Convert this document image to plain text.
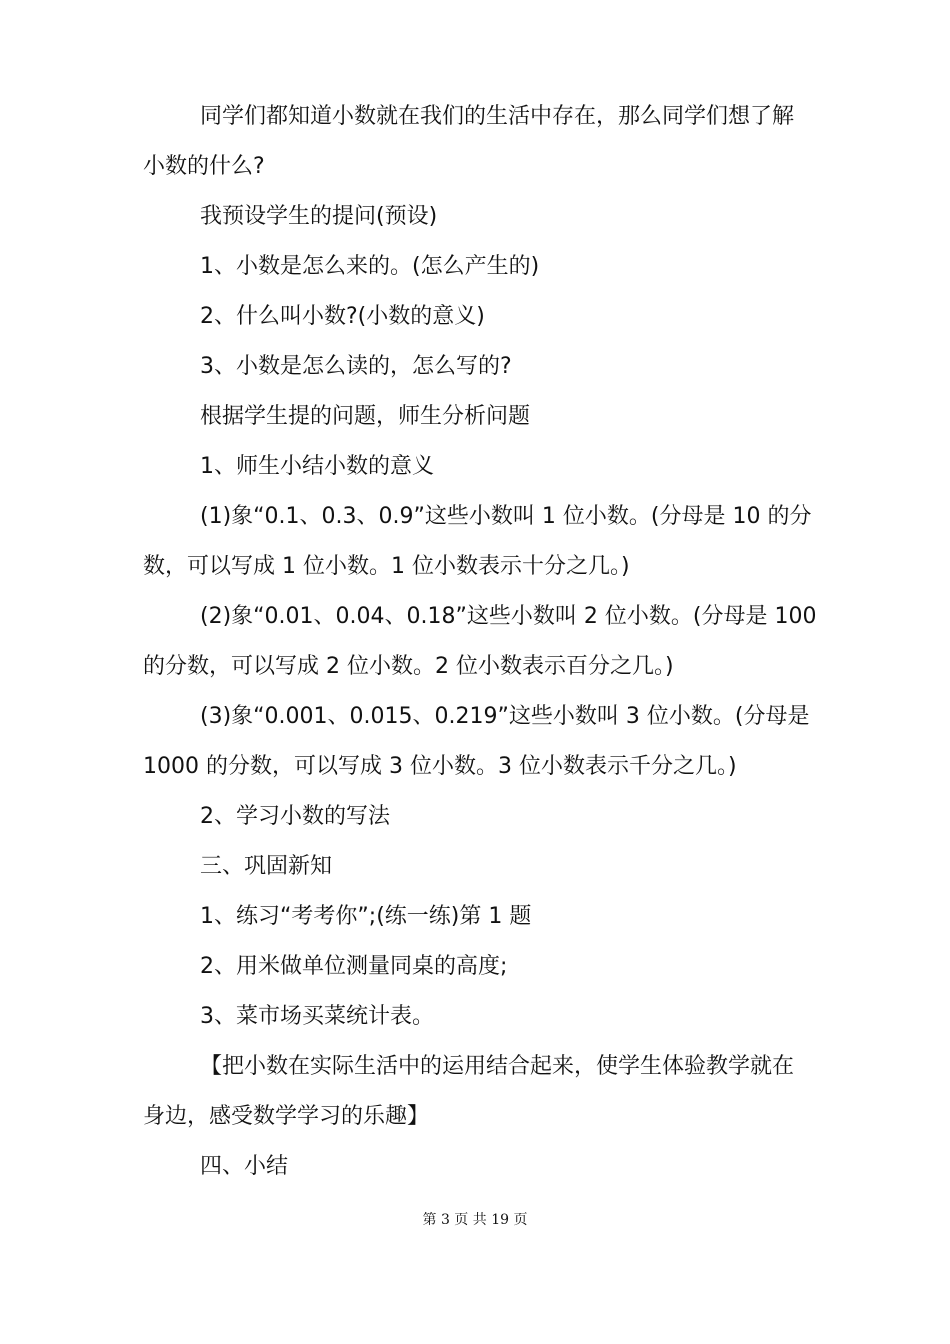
同学们都知道小数就在我们的生活中存在，那么同学们想了解

小数的什么?

我预设学生的提问(预设)

1、小数是怎么来的。(怎么产生的)

2、什么叫小数?(小数的意义)

3、小数是怎么读的，怎么写的?

根据学生提的问题，师生分析问题

1、师生小结小数的意义

(1)象“0.1、0.3、0.9”这些小数叫 1 位小数。(分母是 10 的分

数，可以写成 1 位小数。1 位小数表示十分之几。)

(2)象“0.01、0.04、0.18”这些小数叫 2 位小数。(分母是 100

的分数，可以写成 2 位小数。2 位小数表示百分之几。)

(3)象“0.001、0.015、0.219”这些小数叫 3 位小数。(分母是

1000 的分数，可以写成 3 位小数。3 位小数表示千分之几。)

2、学习小数的写法

三、巩固新知

1、练习“考考你”;(练一练)第 1 题

2、用米做单位测量同桌的高度;

3、菜市场买菜统计表。

【把小数在实际生活中的运用结合起来，使学生体验教学就在

身边，感受数学学习的乐趣】

四、小结

第 3 页 共 19 页
